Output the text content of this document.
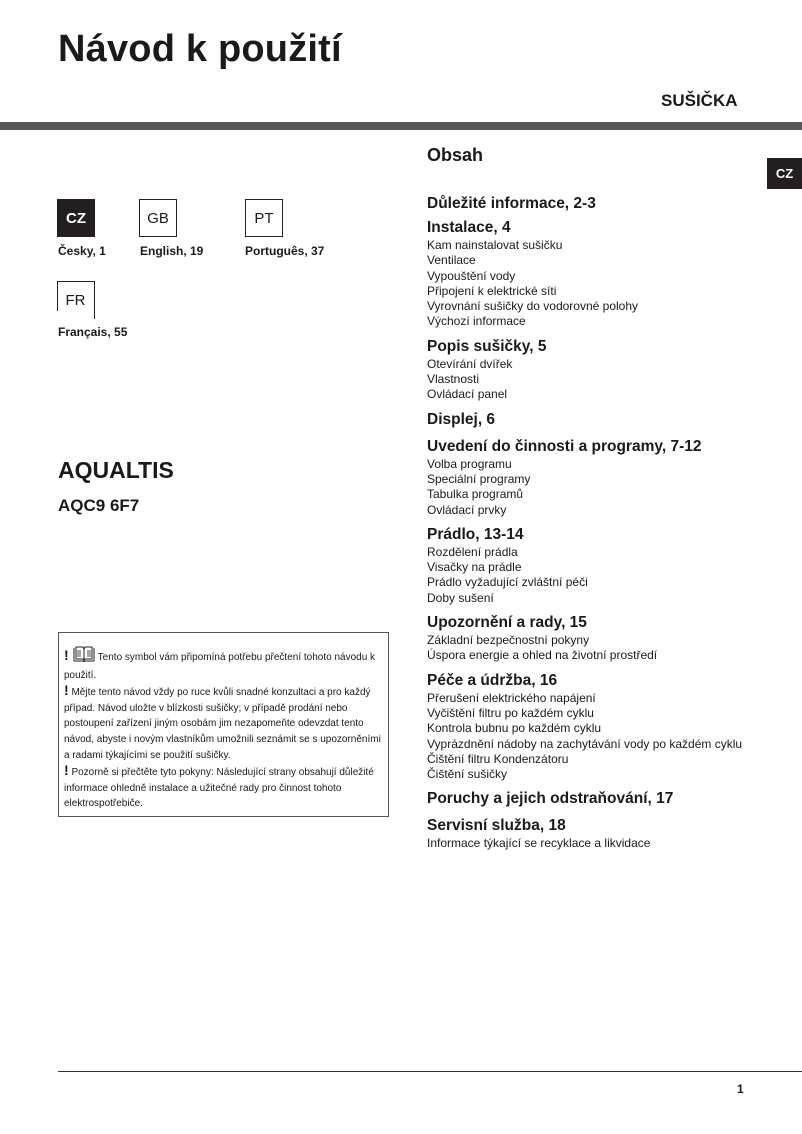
Návod k použití
SUŠIČKA
CZ
CZ
Česky, 1
GB
English, 19
PT
Português, 37
FR
Français, 55
AQUALTIS
AQC9 6F7

!	Tento symbol vám připomíná potřebu přečtení tohoto návodu k použití.

! Mějte tento návod vždy po ruce kvůli snadné konzultaci a pro každý případ. Návod uložte v blízkosti sušičky; v případě prodání nebo postoupení zařízení jiným osobám jim nezapomeňte odevzdat tento návod, abyste i novým vlastníkům umožnili seznámit se s upozorněními a radami týkajícími se použití sušičky.

! Pozorně si přečtěte tyto pokyny: Následující strany obsahují důležité informace ohledně instalace a užitečné rady pro činnost tohoto elektrospotřebiče.

Obsah
Důležité informace, 2-3
Instalace, 4
Kam nainstalovat sušičku
Ventilace
Vypouštění vody
Připojení k elektrické síti
Vyrovnání sušičky do vodorovné polohy
Výchozí informace
Popis sušičky, 5
Otevírání dvířek
Vlastnosti
Ovládací panel
Displej, 6
Uvedení do činnosti a programy, 7-12
Volba programu
Speciální programy
Tabulka programů
Ovládací prvky
Prádlo, 13-14
Rozdělení prádla
Visačky na prádle
Prádlo vyžadující zvláštní péči
Doby sušení
Upozornění a rady, 15
Základní bezpečnostní pokyny
Úspora energie a ohled na životní prostředí
Péče a údržba, 16
Přerušení elektrického napájení
Vyčištění filtru po každém cyklu
Kontrola bubnu po každém cyklu
Vyprázdnění nádoby na zachytávání vody po každém cyklu
Čištění filtru Kondenzátoru
Čištění sušičky
Poruchy a jejich odstraňování, 17
Servisní služba, 18
Informace týkající se recyklace a likvidace
1
